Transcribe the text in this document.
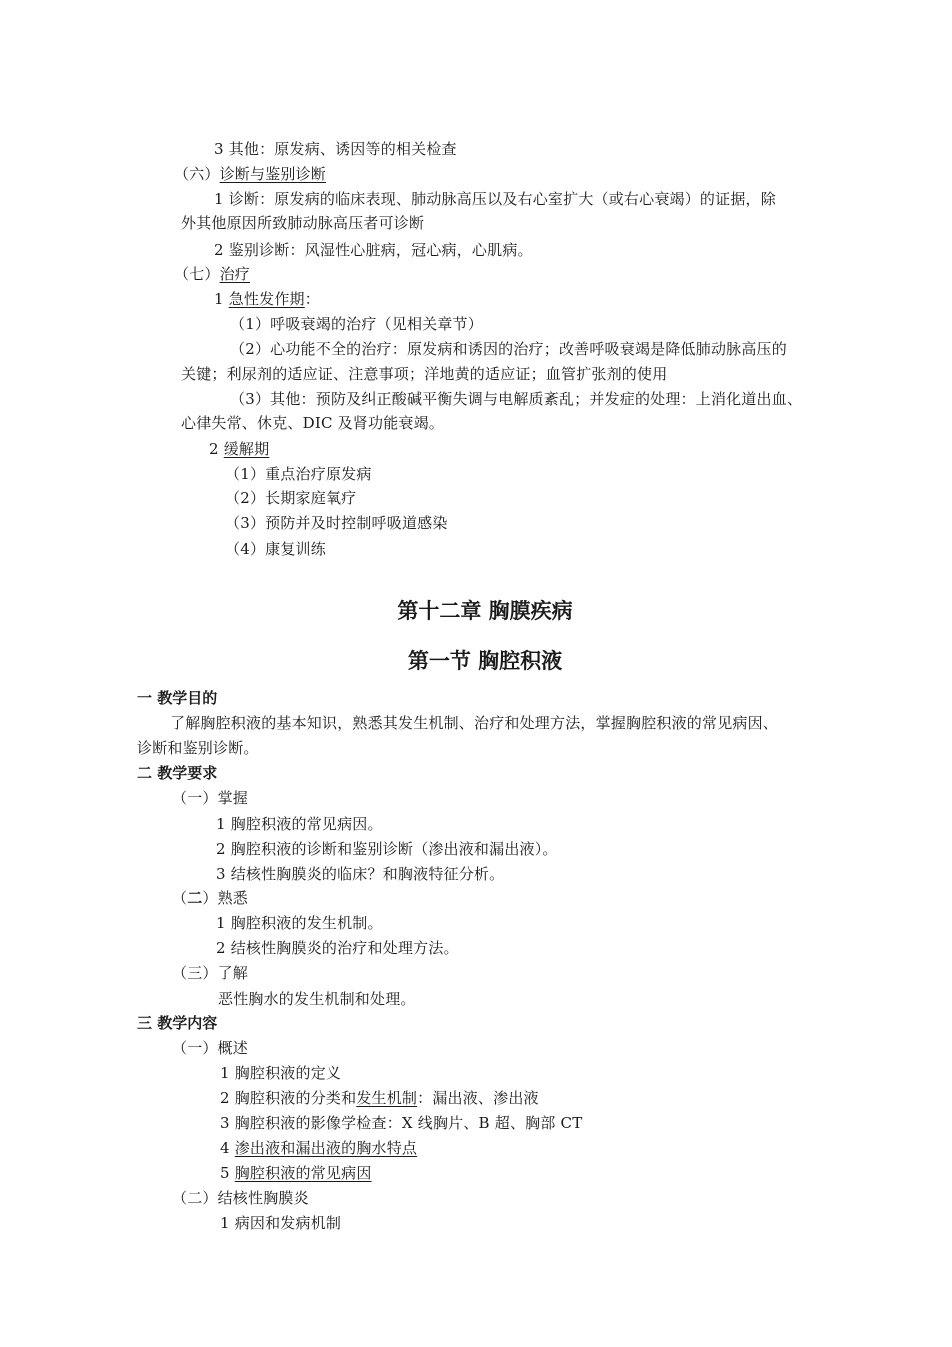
3 其他：原发病、诱因等的相关检查
（六）诊断与鉴别诊断
1 诊断：原发病的临床表现、肺动脉高压以及右心室扩大（或右心衰竭）的证据，除
外其他原因所致肺动脉高压者可诊断
2 鉴别诊断：风湿性心脏病，冠心病，心肌病。
（七）治疗
1 急性发作期：
（1）呼吸衰竭的治疗（见相关章节）
（2）心功能不全的治疗：原发病和诱因的治疗；改善呼吸衰竭是降低肺动脉高压的
关键；利尿剂的适应证、注意事项；洋地黄的适应证；血管扩张剂的使用
（3）其他：预防及纠正酸碱平衡失调与电解质紊乱；并发症的处理：上消化道出血、
心律失常、休克、DIC 及肾功能衰竭。
2 缓解期
（1）重点治疗原发病
（2）长期家庭氧疗
（3）预防并及时控制呼吸道感染
（4）康复训练
第十二章 胸膜疾病
第一节 胸腔积液
一 教学目的
了解胸腔积液的基本知识，熟悉其发生机制、治疗和处理方法，掌握胸腔积液的常见病因、
诊断和鉴别诊断。
二 教学要求
（一）掌握
1 胸腔积液的常见病因。
2 胸腔积液的诊断和鉴别诊断（渗出液和漏出液）。
3 结核性胸膜炎的临床？和胸液特征分析。
（二）熟悉
1 胸腔积液的发生机制。
2 结核性胸膜炎的治疗和处理方法。
（三）了解
恶性胸水的发生机制和处理。
三 教学内容
（一）概述
1 胸腔积液的定义
2 胸腔积液的分类和发生机制：漏出液、渗出液
3 胸腔积液的影像学检查：X 线胸片、B 超、胸部 CT
4 渗出液和漏出液的胸水特点
5 胸腔积液的常见病因
（二）结核性胸膜炎
1 病因和发病机制
